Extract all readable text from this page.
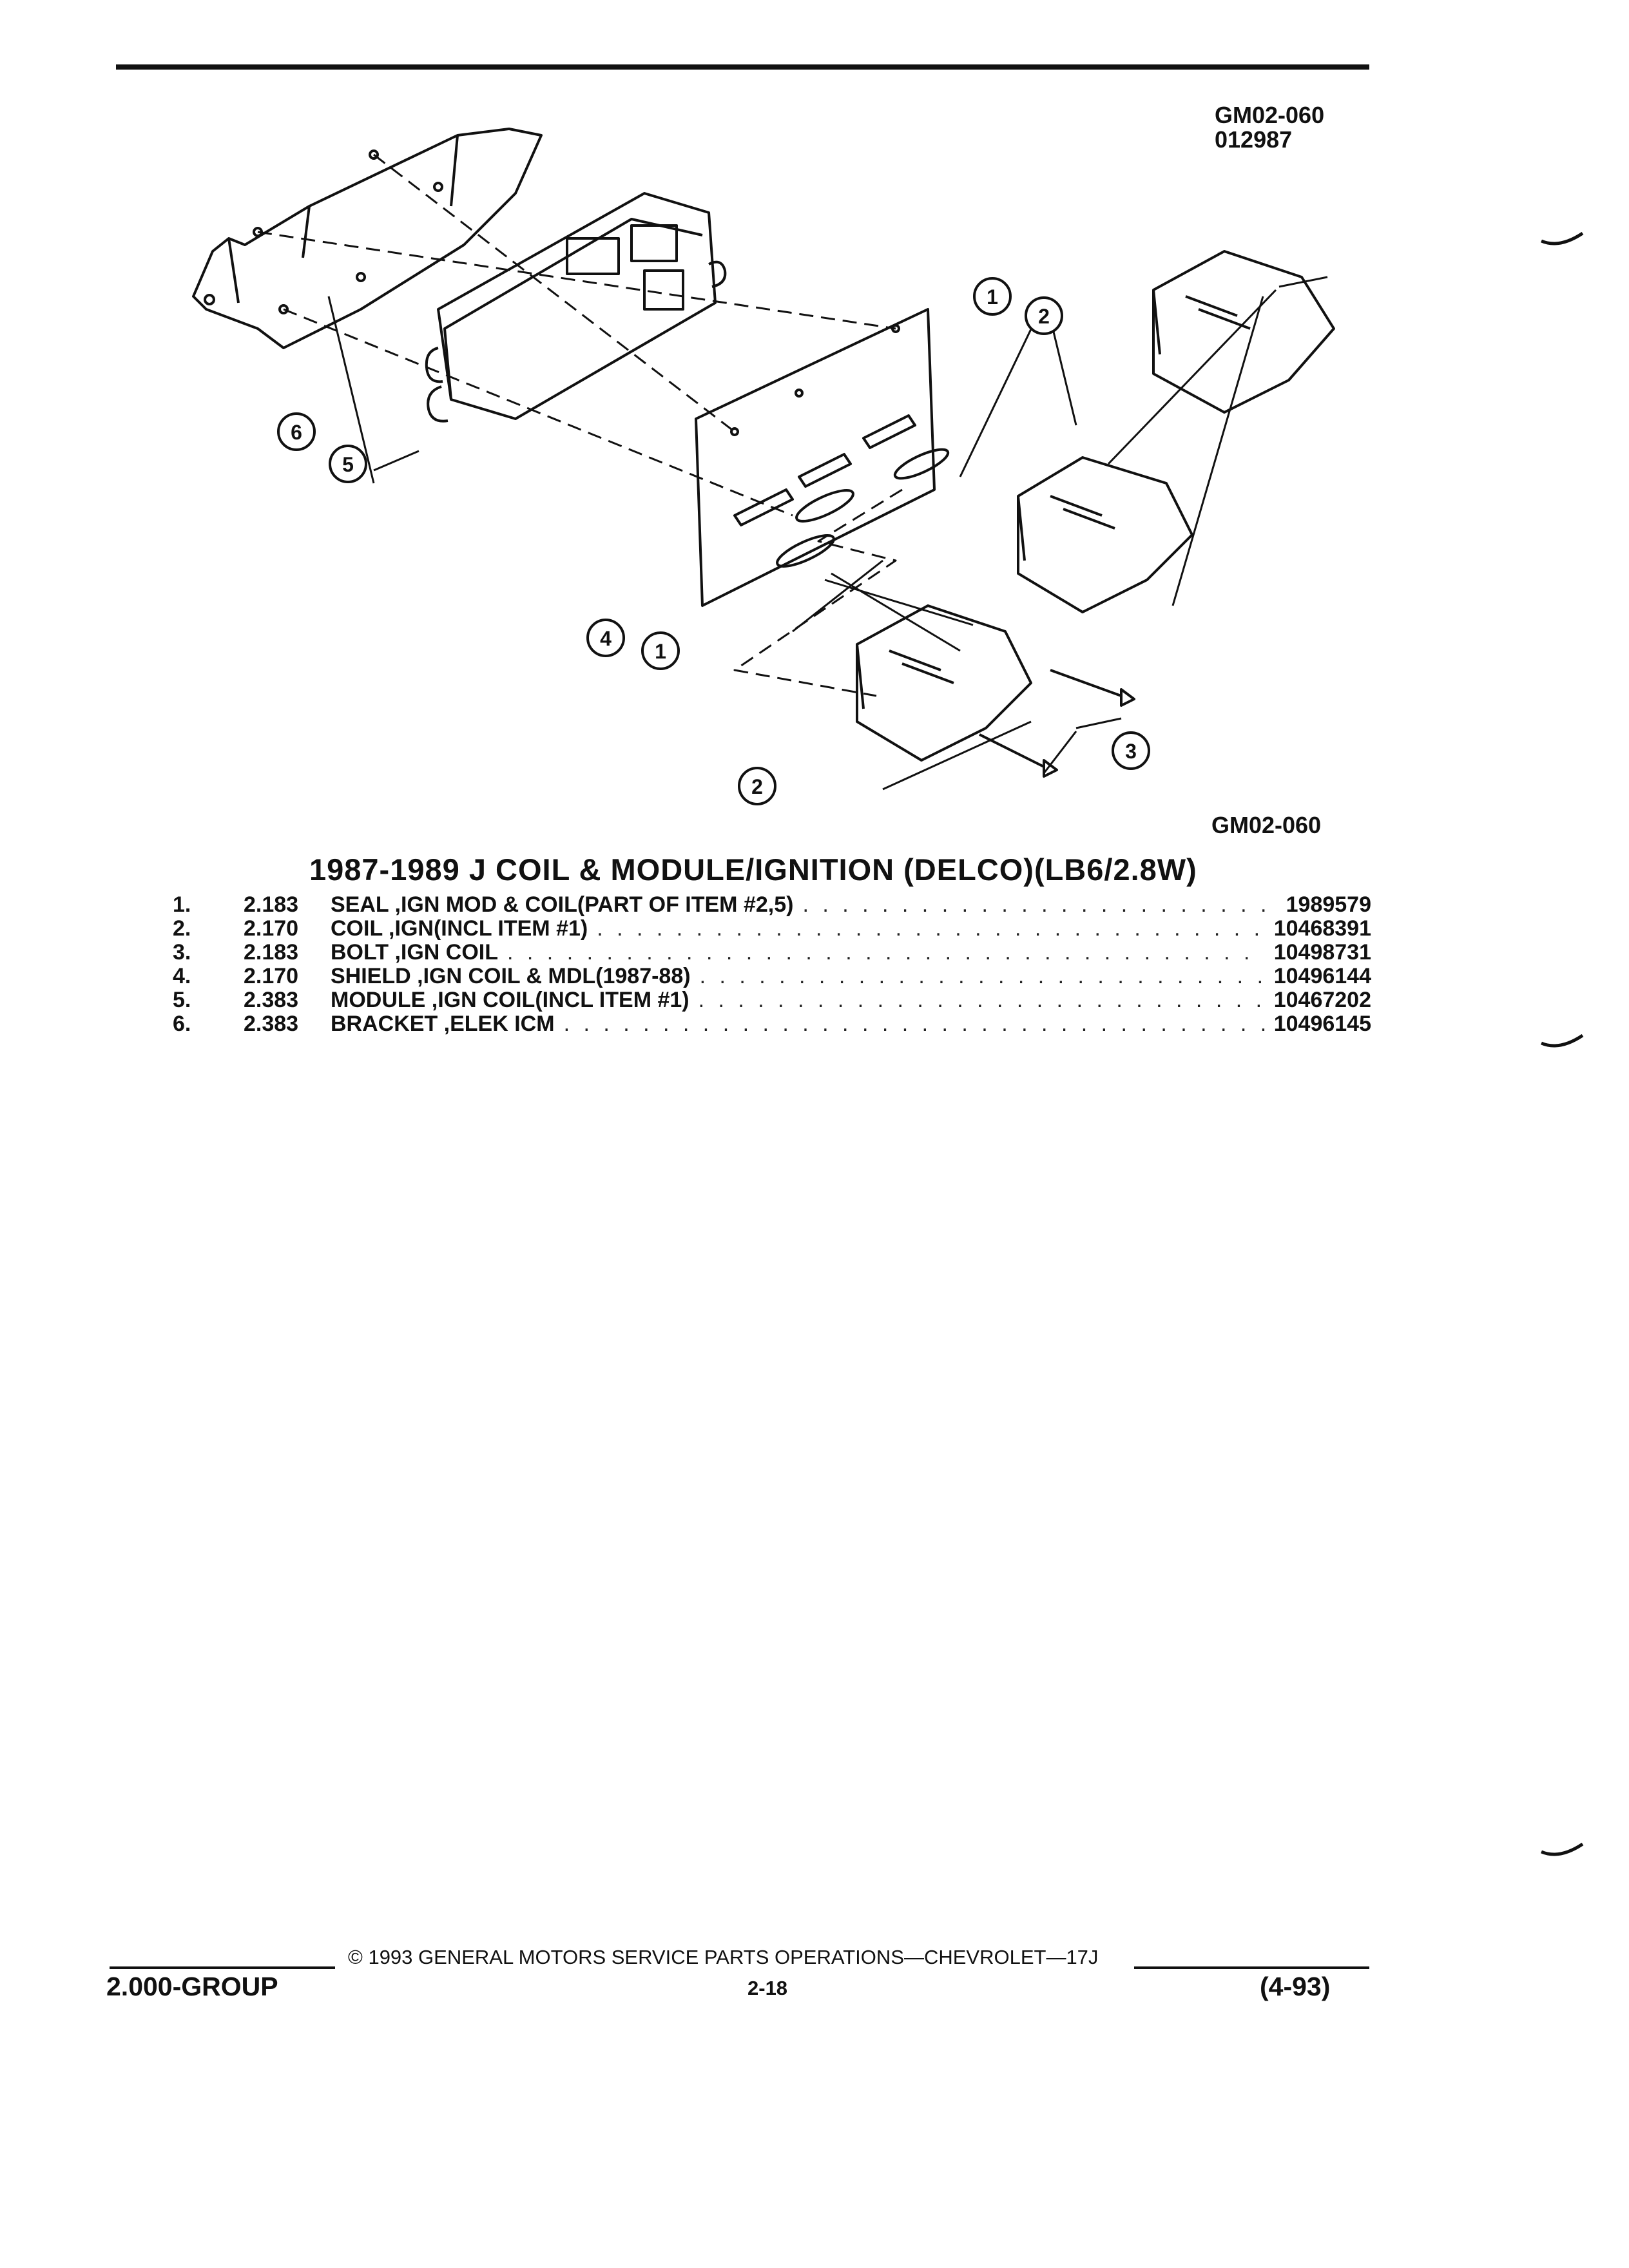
GM02-060
012987
1
1
2
2
3
4
5
6
GM02-060
1987-1989 J COIL & MODULE/IGNITION (DELCO)(LB6/2.8W)
1.	2.183	SEAL ,IGN MOD & COIL(PART OF ITEM #2,5) . . .	1989579
2.	2.170	COIL ,IGN(INCL ITEM #1) . . .	10468391
3.	2.183	BOLT ,IGN COIL . . .	10498731
4.	2.170	SHIELD ,IGN COIL & MDL(1987-88) . . .	10496144
5.	2.383	MODULE ,IGN COIL(INCL ITEM #1) . . .	10467202
6.	2.383	BRACKET ,ELEK ICM . . .	10496145
© 1993 GENERAL MOTORS SERVICE PARTS OPERATIONS—CHEVROLET—17J
2.000-GROUP	2-18	(4-93)
